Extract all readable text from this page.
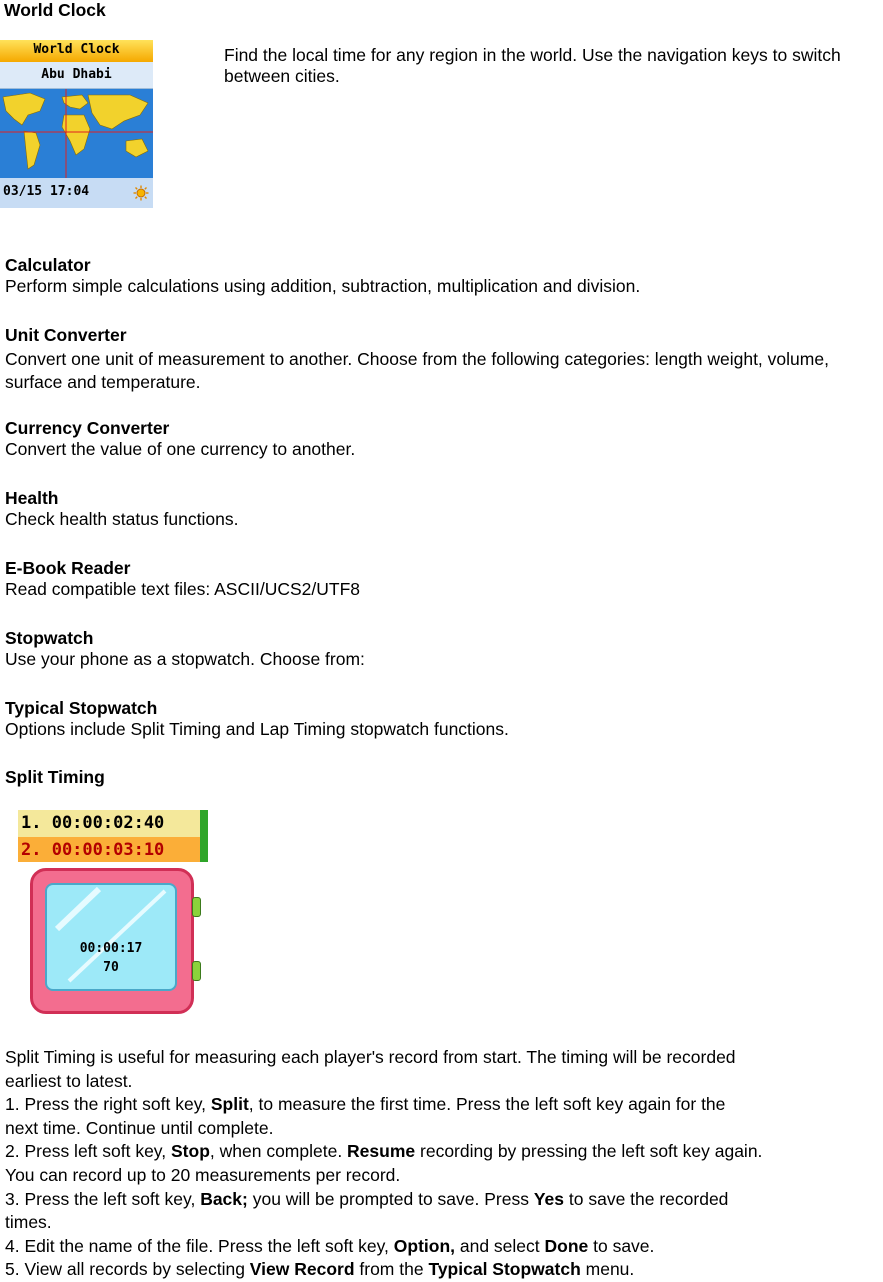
World Clock
World Clock
Abu Dhabi
03/15 17:04
Find the local time for any region in the world. Use the navigation keys to switch between cities.
Calculator
Perform simple calculations using addition, subtraction, multiplication and division.
Unit Converter
Convert one unit of measurement to another. Choose from the following categories: length weight, volume, surface and temperature.
Currency Converter
Convert the value of one currency to another.
Health
Check health status functions.
E-Book Reader
Read compatible text files: ASCII/UCS2/UTF8
Stopwatch
Use your phone as a stopwatch. Choose from:
Typical Stopwatch
Options include Split Timing and Lap Timing stopwatch functions.
Split Timing
1. 00:00:02:40
2. 00:00:03:10
00:00:17
70
Split Timing is useful for measuring each player's record from start. The timing will be recorded
earliest to latest.
1. Press the right soft key, Split, to measure the first time. Press the left soft key again for the
next time. Continue until complete.
2. Press left soft key, Stop, when complete. Resume recording by pressing the left soft key again.
You can record up to 20 measurements per record.
3. Press the left soft key, Back; you will be prompted to save. Press Yes to save the recorded
times.
4. Edit the name of the file. Press the left soft key, Option, and select Done to save.
5. View all records by selecting View Record from the Typical Stopwatch menu.
